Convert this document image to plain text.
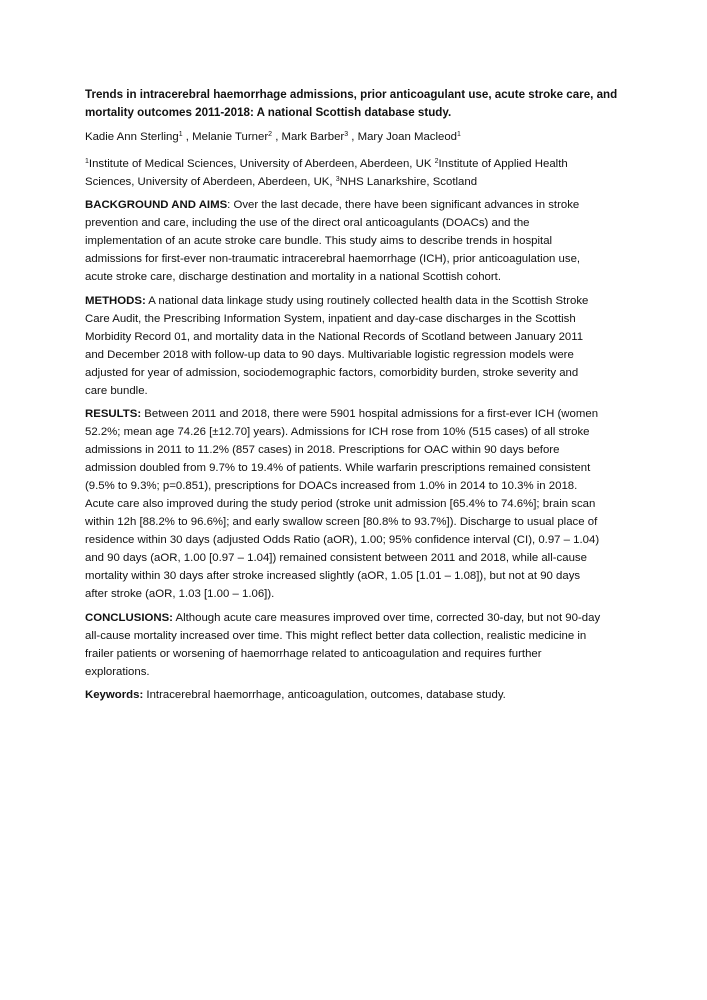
Trends in intracerebral haemorrhage admissions, prior anticoagulant use, acute stroke care, and
mortality outcomes 2011-2018: A national Scottish database study.
Kadie Ann Sterling$^1$ , Melanie Turner$^2$ , Mark Barber$^3$ , Mary Joan Macleod$^1$
$^1$Institute of Medical Sciences, University of Aberdeen, Aberdeen, UK $^2$Institute of Applied Health
Sciences, University of Aberdeen, Aberdeen, UK, $^3$NHS Lanarkshire, Scotland
BACKGROUND AND AIMS: Over the last decade, there have been significant advances in stroke
prevention and care, including the use of the direct oral anticoagulants (DOACs) and the
implementation of an acute stroke care bundle. This study aims to describe trends in hospital
admissions for first-ever non-traumatic intracerebral haemorrhage (ICH), prior anticoagulation use,
acute stroke care, discharge destination and mortality in a national Scottish cohort.
METHODS: A national data linkage study using routinely collected health data in the Scottish Stroke
Care Audit, the Prescribing Information System, inpatient and day-case discharges in the Scottish
Morbidity Record 01, and mortality data in the National Records of Scotland between January 2011
and December 2018 with follow-up data to 90 days. Multivariable logistic regression models were
adjusted for year of admission, sociodemographic factors, comorbidity burden, stroke severity and
care bundle.
RESULTS: Between 2011 and 2018, there were 5901 hospital admissions for a first-ever ICH (women
52.2%; mean age 74.26 [±12.70] years). Admissions for ICH rose from 10% (515 cases) of all stroke
admissions in 2011 to 11.2% (857 cases) in 2018. Prescriptions for OAC within 90 days before
admission doubled from 9.7% to 19.4% of patients. While warfarin prescriptions remained consistent
(9.5% to 9.3%; p=0.851), prescriptions for DOACs increased from 1.0% in 2014 to 10.3% in 2018.
Acute care also improved during the study period (stroke unit admission [65.4% to 74.6%]; brain scan
within 12h [88.2% to 96.6%]; and early swallow screen [80.8% to 93.7%]). Discharge to usual place of
residence within 30 days (adjusted Odds Ratio (aOR), 1.00; 95% confidence interval (CI), 0.97 – 1.04)
and 90 days (aOR, 1.00 [0.97 – 1.04]) remained consistent between 2011 and 2018, while all-cause
mortality within 30 days after stroke increased slightly (aOR, 1.05 [1.01 – 1.08]), but not at 90 days
after stroke (aOR, 1.03 [1.00 – 1.06]).
CONCLUSIONS: Although acute care measures improved over time, corrected 30-day, but not 90-day
all-cause mortality increased over time. This might reflect better data collection, realistic medicine in
frailer patients or worsening of haemorrhage related to anticoagulation and requires further
explorations.
Keywords: Intracerebral haemorrhage, anticoagulation, outcomes, database study.
